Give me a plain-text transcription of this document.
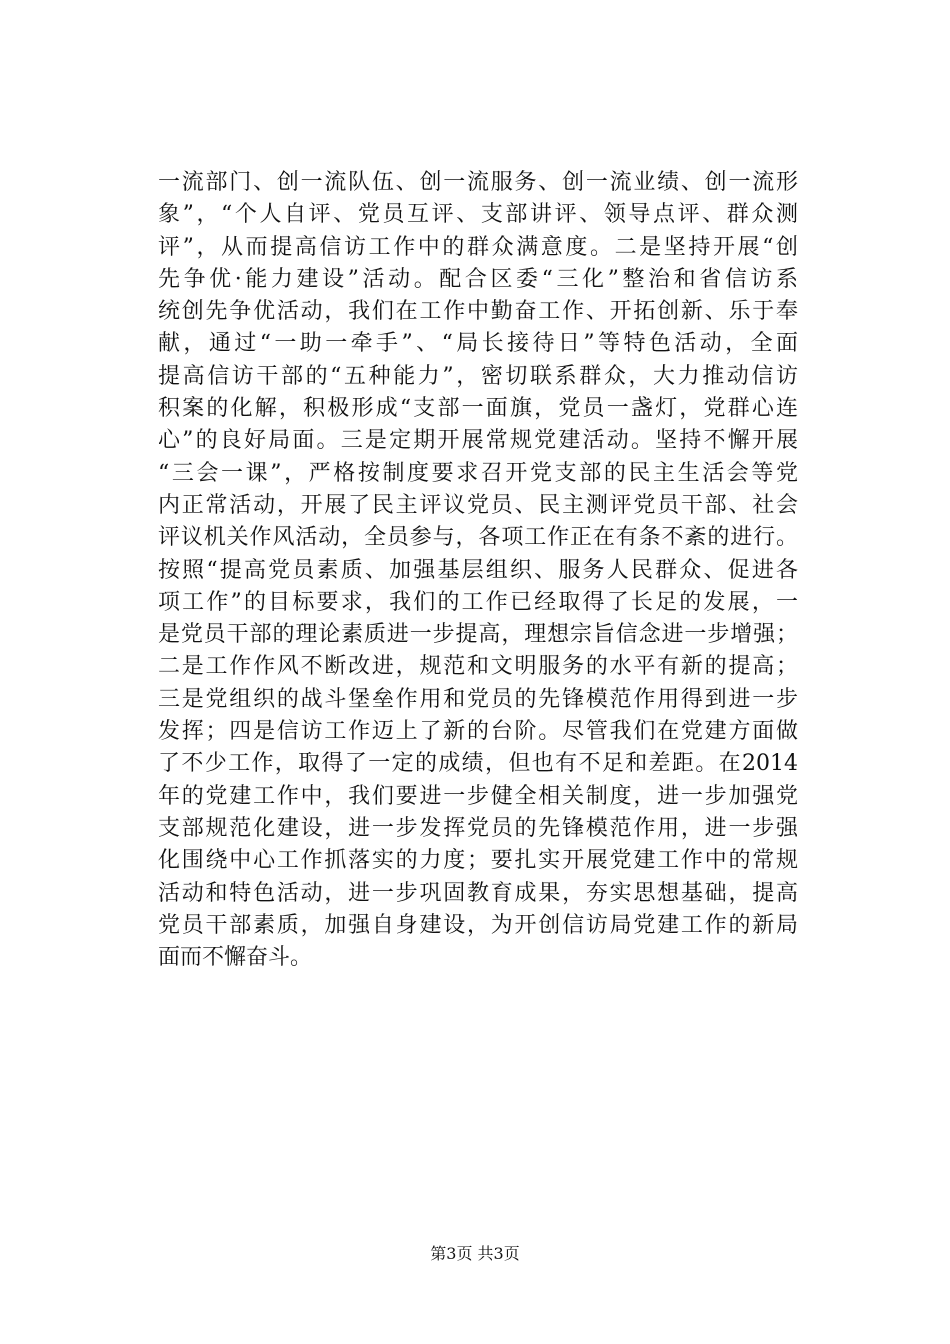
一流部门、创一流队伍、创一流服务、创一流业绩、创一流形
象”，“个人自评、党员互评、支部讲评、领导点评、群众测
评”，从而提高信访工作中的群众满意度。二是坚持开展“创
先争优·能力建设”活动。配合区委“三化”整治和省信访系
统创先争优活动，我们在工作中勤奋工作、开拓创新、乐于奉
献，通过“一助一牵手”、“局长接待日”等特色活动，全面
提高信访干部的“五种能力”，密切联系群众，大力推动信访
积案的化解，积极形成“支部一面旗，党员一盏灯，党群心连
心”的良好局面。三是定期开展常规党建活动。坚持不懈开展
“三会一课”，严格按制度要求召开党支部的民主生活会等党
内正常活动，开展了民主评议党员、民主测评党员干部、社会
评议机关作风活动，全员参与，各项工作正在有条不紊的进行。
按照“提高党员素质、加强基层组织、服务人民群众、促进各
项工作”的目标要求，我们的工作已经取得了长足的发展，一
是党员干部的理论素质进一步提高，理想宗旨信念进一步增强；
二是工作作风不断改进，规范和文明服务的水平有新的提高；
三是党组织的战斗堡垒作用和党员的先锋模范作用得到进一步
发挥；四是信访工作迈上了新的台阶。尽管我们在党建方面做
了不少工作，取得了一定的成绩，但也有不足和差距。在2014
年的党建工作中，我们要进一步健全相关制度，进一步加强党
支部规范化建设，进一步发挥党员的先锋模范作用，进一步强
化围绕中心工作抓落实的力度；要扎实开展党建工作中的常规
活动和特色活动，进一步巩固教育成果，夯实思想基础，提高
党员干部素质，加强自身建设，为开创信访局党建工作的新局
面而不懈奋斗。
第3页 共3页
